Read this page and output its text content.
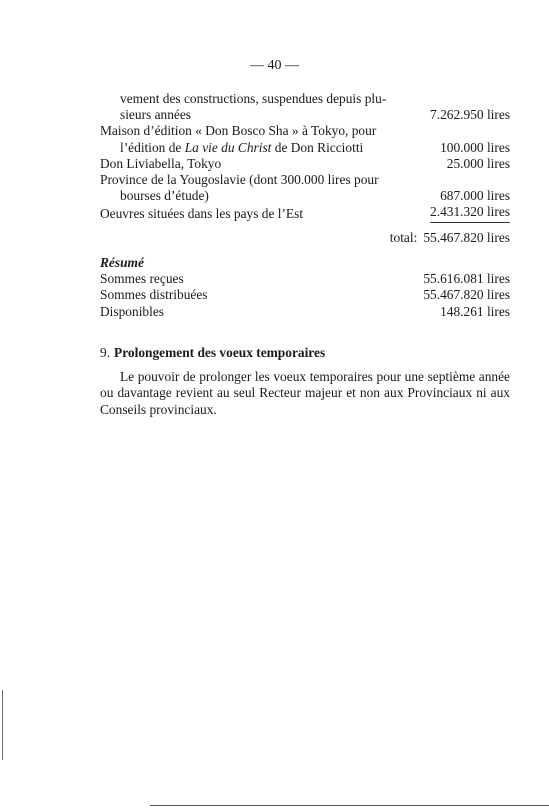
— 40 —
vement des constructions, suspendues depuis plu-
sieurs années	7.262.950 lires
Maison d’édition « Don Bosco Sha » à Tokyo, pour
l’édition de La vie du Christ de Don Ricciotti	100.000 lires
Don Liviabella, Tokyo	25.000 lires
Province de la Yougoslavie (dont 300.000 lires pour
bourses d’étude)	687.000 lires
Oeuvres situées dans les pays de l’Est	2.431.320 lires
total: 55.467.820 lires
Résumé
Sommes reçues	55.616.081 lires
Sommes distribuées	55.467.820 lires
Disponibles	148.261 lires
9. Prolongement des voeux temporaires
Le pouvoir de prolonger les voeux temporaires pour une septième année ou davantage revient au seul Recteur majeur et non aux Provinciaux ni aux Conseils provinciaux.
